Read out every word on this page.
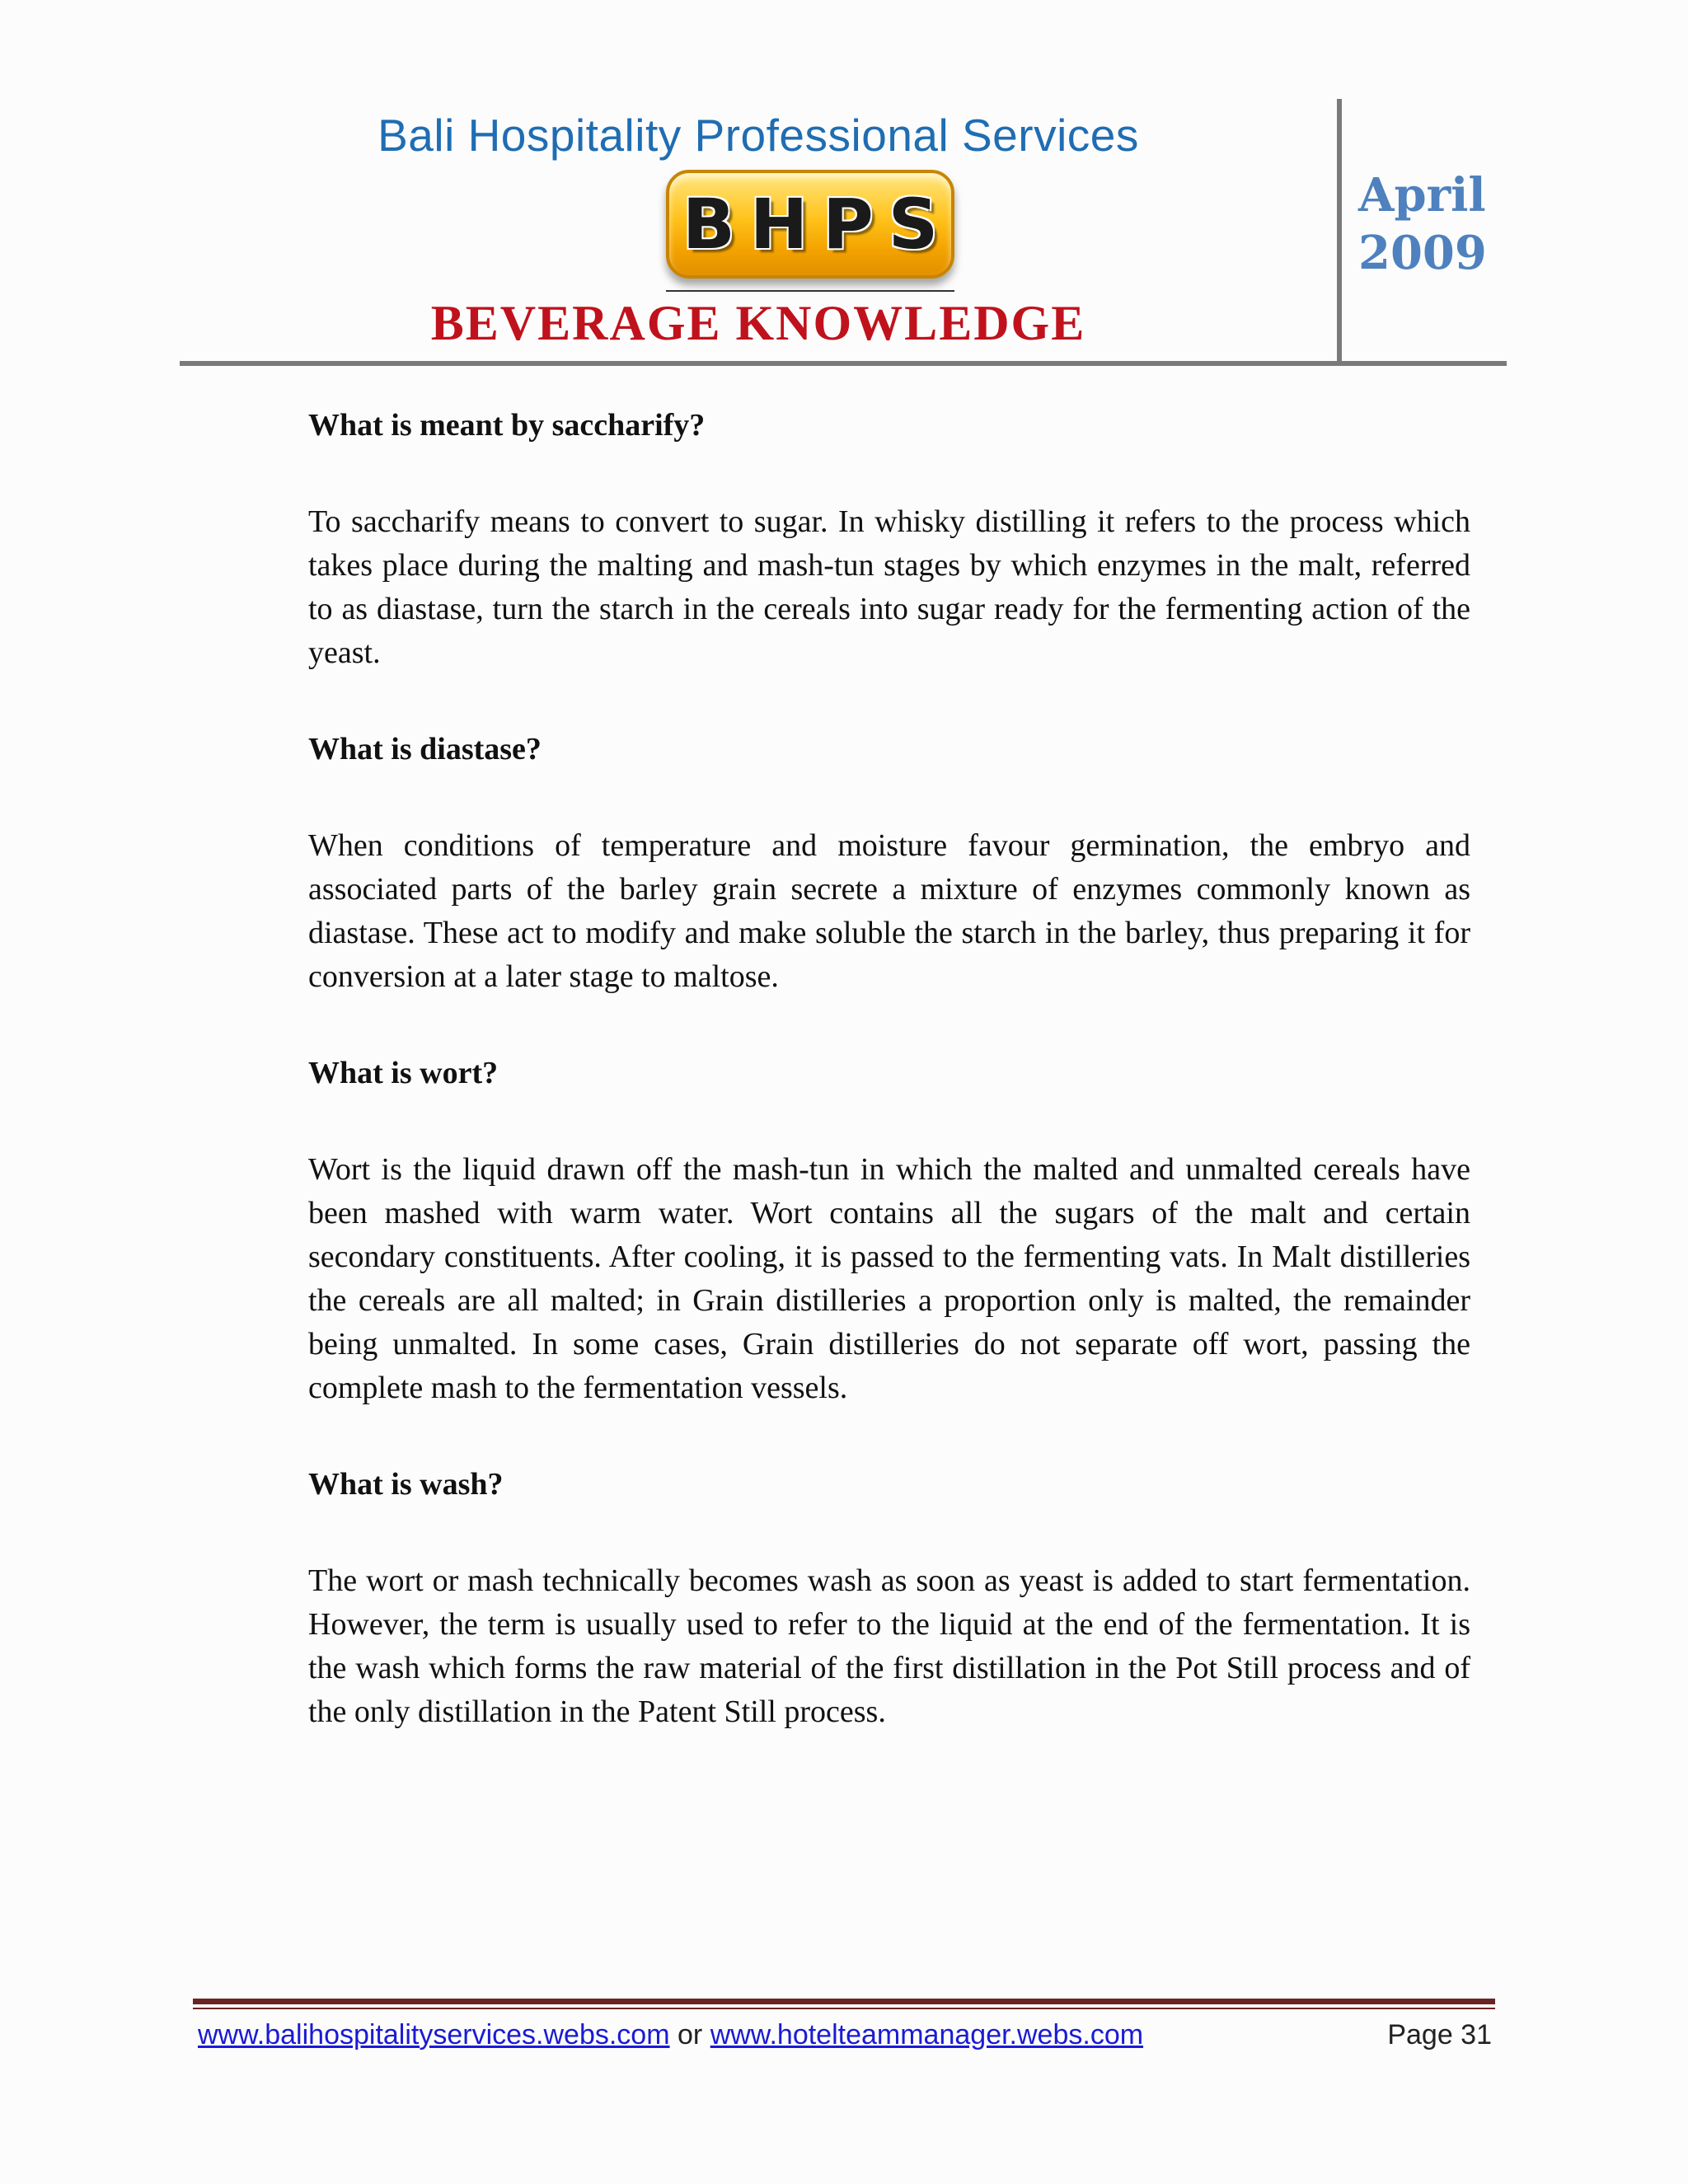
Bali Hospitality Professional Services
BHPS
BEVERAGE KNOWLEDGE
April
2009
What is meant by saccharify?

To saccharify means to convert to sugar. In whisky distilling it refers to the process which takes place during the malting and mash-tun stages by which enzymes in the malt, referred to as diastase, turn the starch in the cereals into sugar ready for the fermenting action of the yeast.

What is diastase?

When conditions of temperature and moisture favour germination, the embryo and associated parts of the barley grain secrete a mixture of enzymes commonly known as diastase. These act to modify and make soluble the starch in the barley, thus preparing it for conversion at a later stage to maltose.

What is wort?

Wort is the liquid drawn off the mash-tun in which the malted and unmalted cereals have been mashed with warm water. Wort contains all the sugars of the malt and certain secondary constituents. After cooling, it is passed to the fermenting vats. In Malt distilleries the cereals are all malted; in Grain distilleries a proportion only is malted, the remainder being unmalted. In some cases, Grain distilleries do not separate off wort, passing the complete mash to the fermentation vessels.

What is wash?

The wort or mash technically becomes wash as soon as yeast is added to start fermentation. However, the term is usually used to refer to the liquid at the end of the fermentation. It is the wash which forms the raw material of the first distillation in the Pot Still process and of the only distillation in the Patent Still process.

www.balihospitalityservices.webs.com or www.hotelteammanager.webs.com	Page 31
